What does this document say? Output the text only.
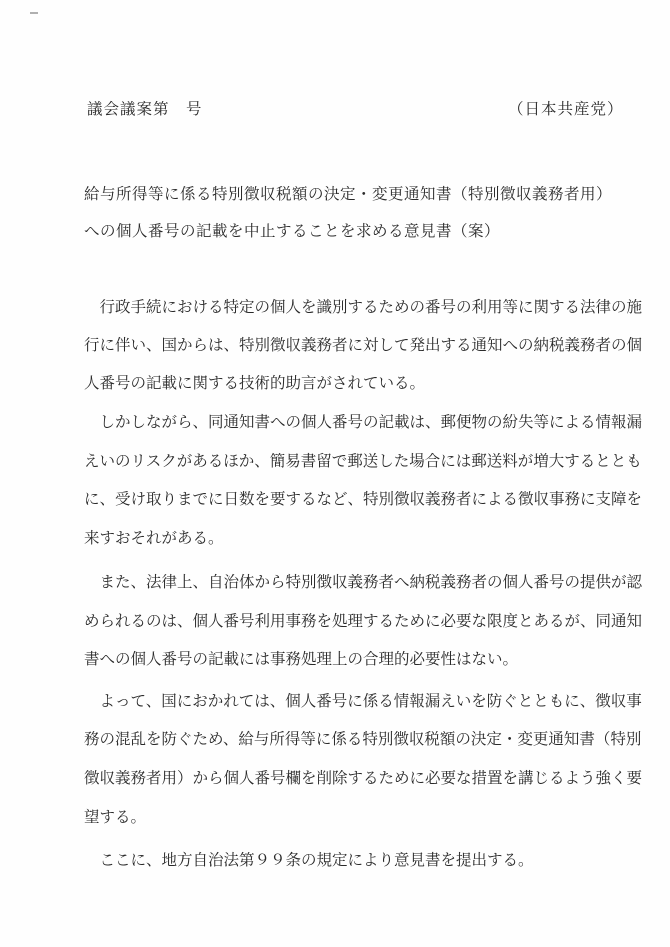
議会議案第　号	（日本共産党）
給与所得等に係る特別徴収税額の決定・変更通知書（特別徴収義務者用）
への個人番号の記載を中止することを求める意見書（案）
　行政手続における特定の個人を識別するための番号の利用等に関する法律の施
行に伴い、国からは、特別徴収義務者に対して発出する通知への納税義務者の個
人番号の記載に関する技術的助言がされている。
　しかしながら、同通知書への個人番号の記載は、郵便物の紛失等による情報漏
えいのリスクがあるほか、簡易書留で郵送した場合には郵送料が増大するととも
に、受け取りまでに日数を要するなど、特別徴収義務者による徴収事務に支障を
来すおそれがある。
　また、法律上、自治体から特別徴収義務者へ納税義務者の個人番号の提供が認
められるのは、個人番号利用事務を処理するために必要な限度とあるが、同通知
書への個人番号の記載には事務処理上の合理的必要性はない。
　よって、国におかれては、個人番号に係る情報漏えいを防ぐとともに、徴収事
務の混乱を防ぐため、給与所得等に係る特別徴収税額の決定・変更通知書（特別
徴収義務者用）から個人番号欄を削除するために必要な措置を講じるよう強く要
望する。
　ここに、地方自治法第９９条の規定により意見書を提出する。
